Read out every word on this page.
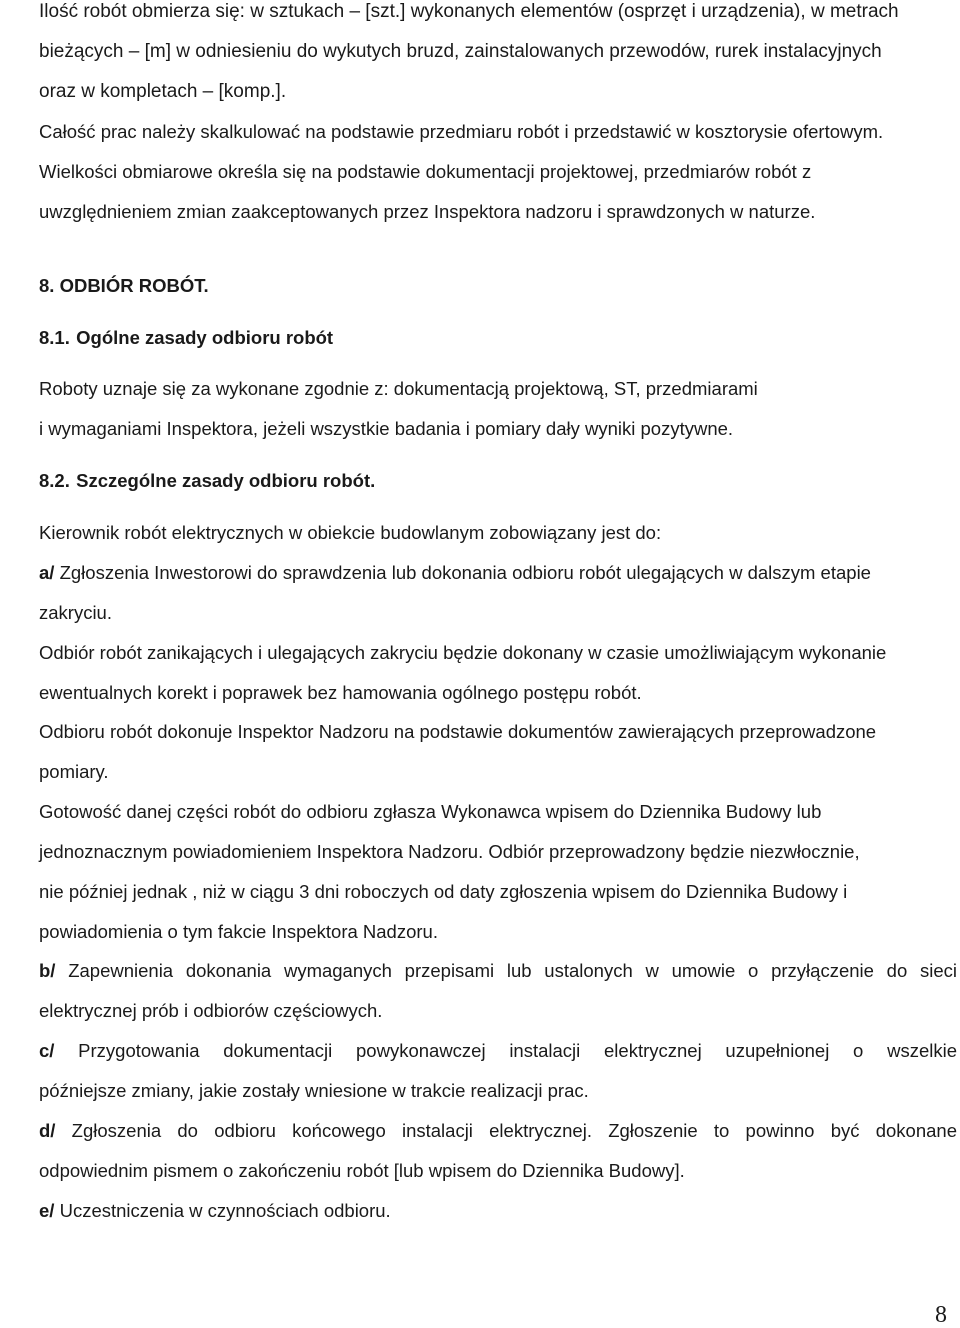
Ilość robót obmierza się: w sztukach – [szt.] wykonanych elementów (osprzęt i urządzenia), w metrach
bieżących – [m] w odniesieniu do wykutych bruzd, zainstalowanych przewodów, rurek instalacyjnych
oraz w kompletach – [komp.].
Całość prac należy skalkulować na podstawie przedmiaru robót i przedstawić w kosztorysie ofertowym.
Wielkości obmiarowe określa się na podstawie dokumentacji projektowej, przedmiarów robót z
uwzględnieniem zmian zaakceptowanych przez Inspektora nadzoru i sprawdzonych w naturze.
8. ODBIÓR ROBÓT.
8.1. Ogólne zasady odbioru robót
Roboty uznaje się za wykonane zgodnie z: dokumentacją projektową, ST, przedmiarami
i wymaganiami Inspektora, jeżeli wszystkie badania i pomiary dały wyniki pozytywne.
8.2. Szczególne zasady odbioru robót.
Kierownik robót elektrycznych w obiekcie budowlanym zobowiązany jest do:
a/ Zgłoszenia Inwestorowi do sprawdzenia lub dokonania odbioru robót ulegających w dalszym etapie
zakryciu.
Odbiór robót zanikających i ulegających zakryciu będzie dokonany w czasie umożliwiającym wykonanie
ewentualnych korekt i poprawek bez hamowania ogólnego postępu robót.
Odbioru robót dokonuje Inspektor Nadzoru na podstawie dokumentów zawierających przeprowadzone
pomiary.
Gotowość danej części robót do odbioru zgłasza Wykonawca wpisem do Dziennika Budowy lub
jednoznacznym powiadomieniem Inspektora Nadzoru. Odbiór przeprowadzony będzie niezwłocznie,
nie później jednak , niż w ciągu 3 dni roboczych od daty zgłoszenia wpisem do Dziennika Budowy i
powiadomienia o tym fakcie Inspektora Nadzoru.
b/ Zapewnienia dokonania wymaganych przepisami lub ustalonych w umowie o przyłączenie do sieci
elektrycznej prób i odbiorów częściowych.
c/ Przygotowania dokumentacji powykonawczej instalacji elektrycznej uzupełnionej o wszelkie
późniejsze zmiany, jakie zostały wniesione w trakcie realizacji prac.
d/ Zgłoszenia do odbioru końcowego instalacji elektrycznej. Zgłoszenie to powinno być dokonane
odpowiednim pismem o zakończeniu robót [lub wpisem do Dziennika Budowy].
e/ Uczestniczenia w czynnościach odbioru.
8
